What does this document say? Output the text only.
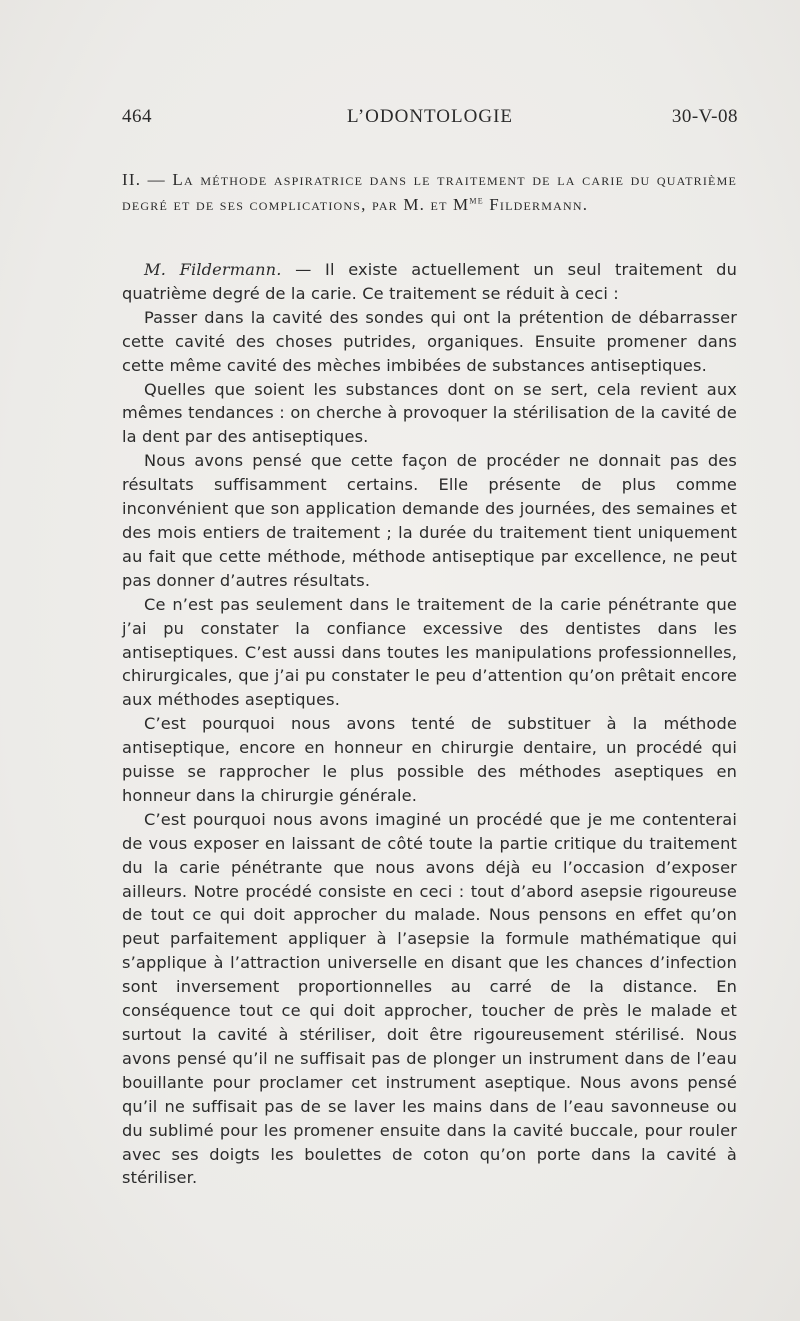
464	L’ODONTOLOGIE	30-V-08
II. — La méthode aspiratrice dans le traitement de la carie du quatrième degré et de ses complications, par M. et $M^{me}$ Fildermann.

M. Fildermann. — Il existe actuellement un seul traitement du quatrième degré de la carie. Ce traitement se réduit à ceci :

Passer dans la cavité des sondes qui ont la prétention de débarrasser cette cavité des choses putrides, organiques. Ensuite promener dans cette même cavité des mèches imbibées de substances antiseptiques.

Quelles que soient les substances dont on se sert, cela revient aux mêmes tendances : on cherche à provoquer la stérilisation de la cavité de la dent par des antiseptiques.

Nous avons pensé que cette façon de procéder ne donnait pas des résultats suffisamment certains. Elle présente de plus comme inconvénient que son application demande des journées, des semaines et des mois entiers de traitement ; la durée du traitement tient uniquement au fait que cette méthode, méthode antiseptique par excellence, ne peut pas donner d’autres résultats.

Ce n’est pas seulement dans le traitement de la carie pénétrante que j’ai pu constater la confiance excessive des dentistes dans les antiseptiques. C’est aussi dans toutes les manipulations professionnelles, chirurgicales, que j’ai pu constater le peu d’attention qu’on prêtait encore aux méthodes aseptiques.

C’est pourquoi nous avons tenté de substituer à la méthode antiseptique, encore en honneur en chirurgie dentaire, un procédé qui puisse se rapprocher le plus possible des méthodes aseptiques en honneur dans la chirurgie générale.

C’est pourquoi nous avons imaginé un procédé que je me contenterai de vous exposer en laissant de côté toute la partie critique du traitement du la carie pénétrante que nous avons déjà eu l’occasion d’exposer ailleurs. Notre procédé consiste en ceci : tout d’abord asepsie rigoureuse de tout ce qui doit approcher du malade. Nous pensons en effet qu’on peut parfaitement appliquer à l’asepsie la formule mathématique qui s’applique à l’attraction universelle en disant que les chances d’infection sont inversement proportionnelles au carré de la distance. En conséquence tout ce qui doit approcher, toucher de près le malade et surtout la cavité à stériliser, doit être rigoureusement stérilisé. Nous avons pensé qu’il ne suffisait pas de plonger un instrument dans de l’eau bouillante pour proclamer cet instrument aseptique. Nous avons pensé qu’il ne suffisait pas de se laver les mains dans de l’eau savonneuse ou du sublimé pour les promener ensuite dans la cavité buccale, pour rouler avec ses doigts les boulettes de coton qu’on porte dans la cavité à stériliser.
